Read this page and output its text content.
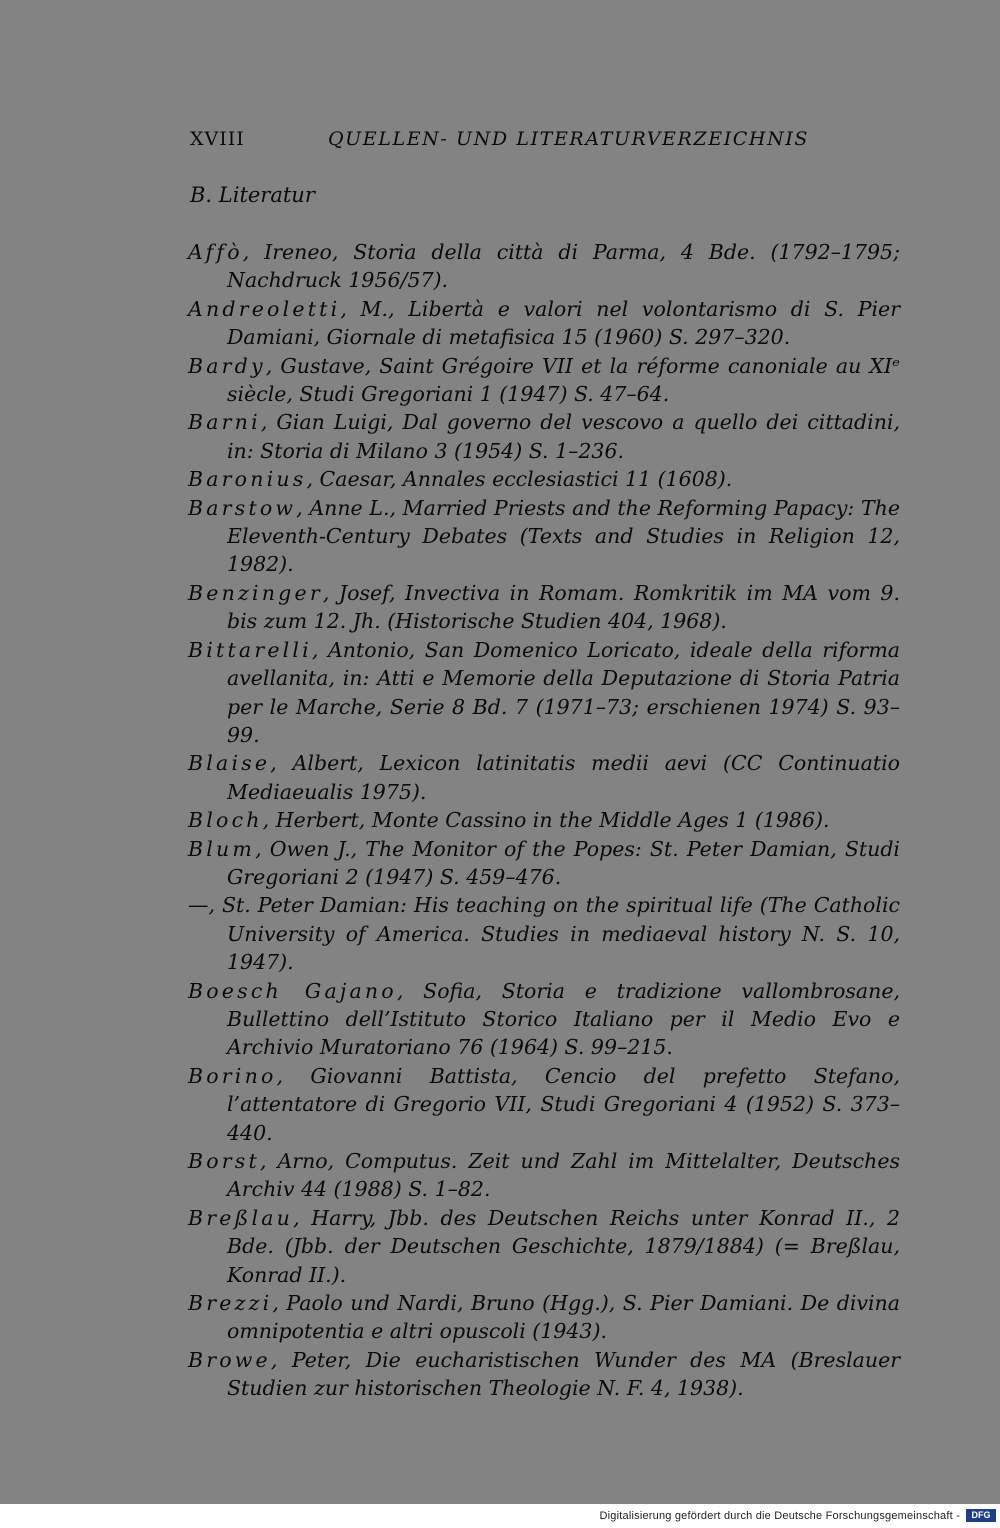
XVIII	QUELLEN- UND LITERATURVERZEICHNIS
B. Literatur
Affò, Ireneo, Storia della città di Parma, 4 Bde. (1792–1795; Nachdruck 1956/57).
Andreoletti, M., Libertà e valori nel volontarismo di S. Pier Damiani, Giornale di metafisica 15 (1960) S. 297–320.
Bardy, Gustave, Saint Grégoire VII et la réforme canoniale au XIᵉ siècle, Studi Gregoriani 1 (1947) S. 47–64.
Barni, Gian Luigi, Dal governo del vescovo a quello dei cittadini, in: Storia di Milano 3 (1954) S. 1–236.
Baronius, Caesar, Annales ecclesiastici 11 (1608).
Barstow, Anne L., Married Priests and the Reforming Papacy: The Eleventh-Century Debates (Texts and Studies in Religion 12, 1982).
Benzinger, Josef, Invectiva in Romam. Romkritik im MA vom 9. bis zum 12. Jh. (Historische Studien 404, 1968).
Bittarelli, Antonio, San Domenico Loricato, ideale della riforma avellanita, in: Atti e Memorie della Deputazione di Storia Patria per le Marche, Serie 8 Bd. 7 (1971–73; erschienen 1974) S. 93–99.
Blaise, Albert, Lexicon latinitatis medii aevi (CC Continuatio Mediaeualis 1975).
Bloch, Herbert, Monte Cassino in the Middle Ages 1 (1986).
Blum, Owen J., The Monitor of the Popes: St. Peter Damian, Studi Gregoriani 2 (1947) S. 459–476.
—, St. Peter Damian: His teaching on the spiritual life (The Catholic University of America. Studies in mediaeval history N. S. 10, 1947).
Boesch Gajano, Sofia, Storia e tradizione vallombrosane, Bullettino dell’Istituto Storico Italiano per il Medio Evo e Archivio Muratoriano 76 (1964) S. 99–215.
Borino, Giovanni Battista, Cencio del prefetto Stefano, l’attentatore di Gregorio VII, Studi Gregoriani 4 (1952) S. 373–440.
Borst, Arno, Computus. Zeit und Zahl im Mittelalter, Deutsches Archiv 44 (1988) S. 1–82.
Breßlau, Harry, Jbb. des Deutschen Reichs unter Konrad II., 2 Bde. (Jbb. der Deutschen Geschichte, 1879/1884) (= Breßlau, Konrad II.).
Brezzi, Paolo und Nardi, Bruno (Hgg.), S. Pier Damiani. De divina omnipotentia e altri opuscoli (1943).
Browe, Peter, Die eucharistischen Wunder des MA (Breslauer Studien zur historischen Theologie N. F. 4, 1938).
Digitalisierung gefördert durch die Deutsche Forschungsgemeinschaft -	DFG
